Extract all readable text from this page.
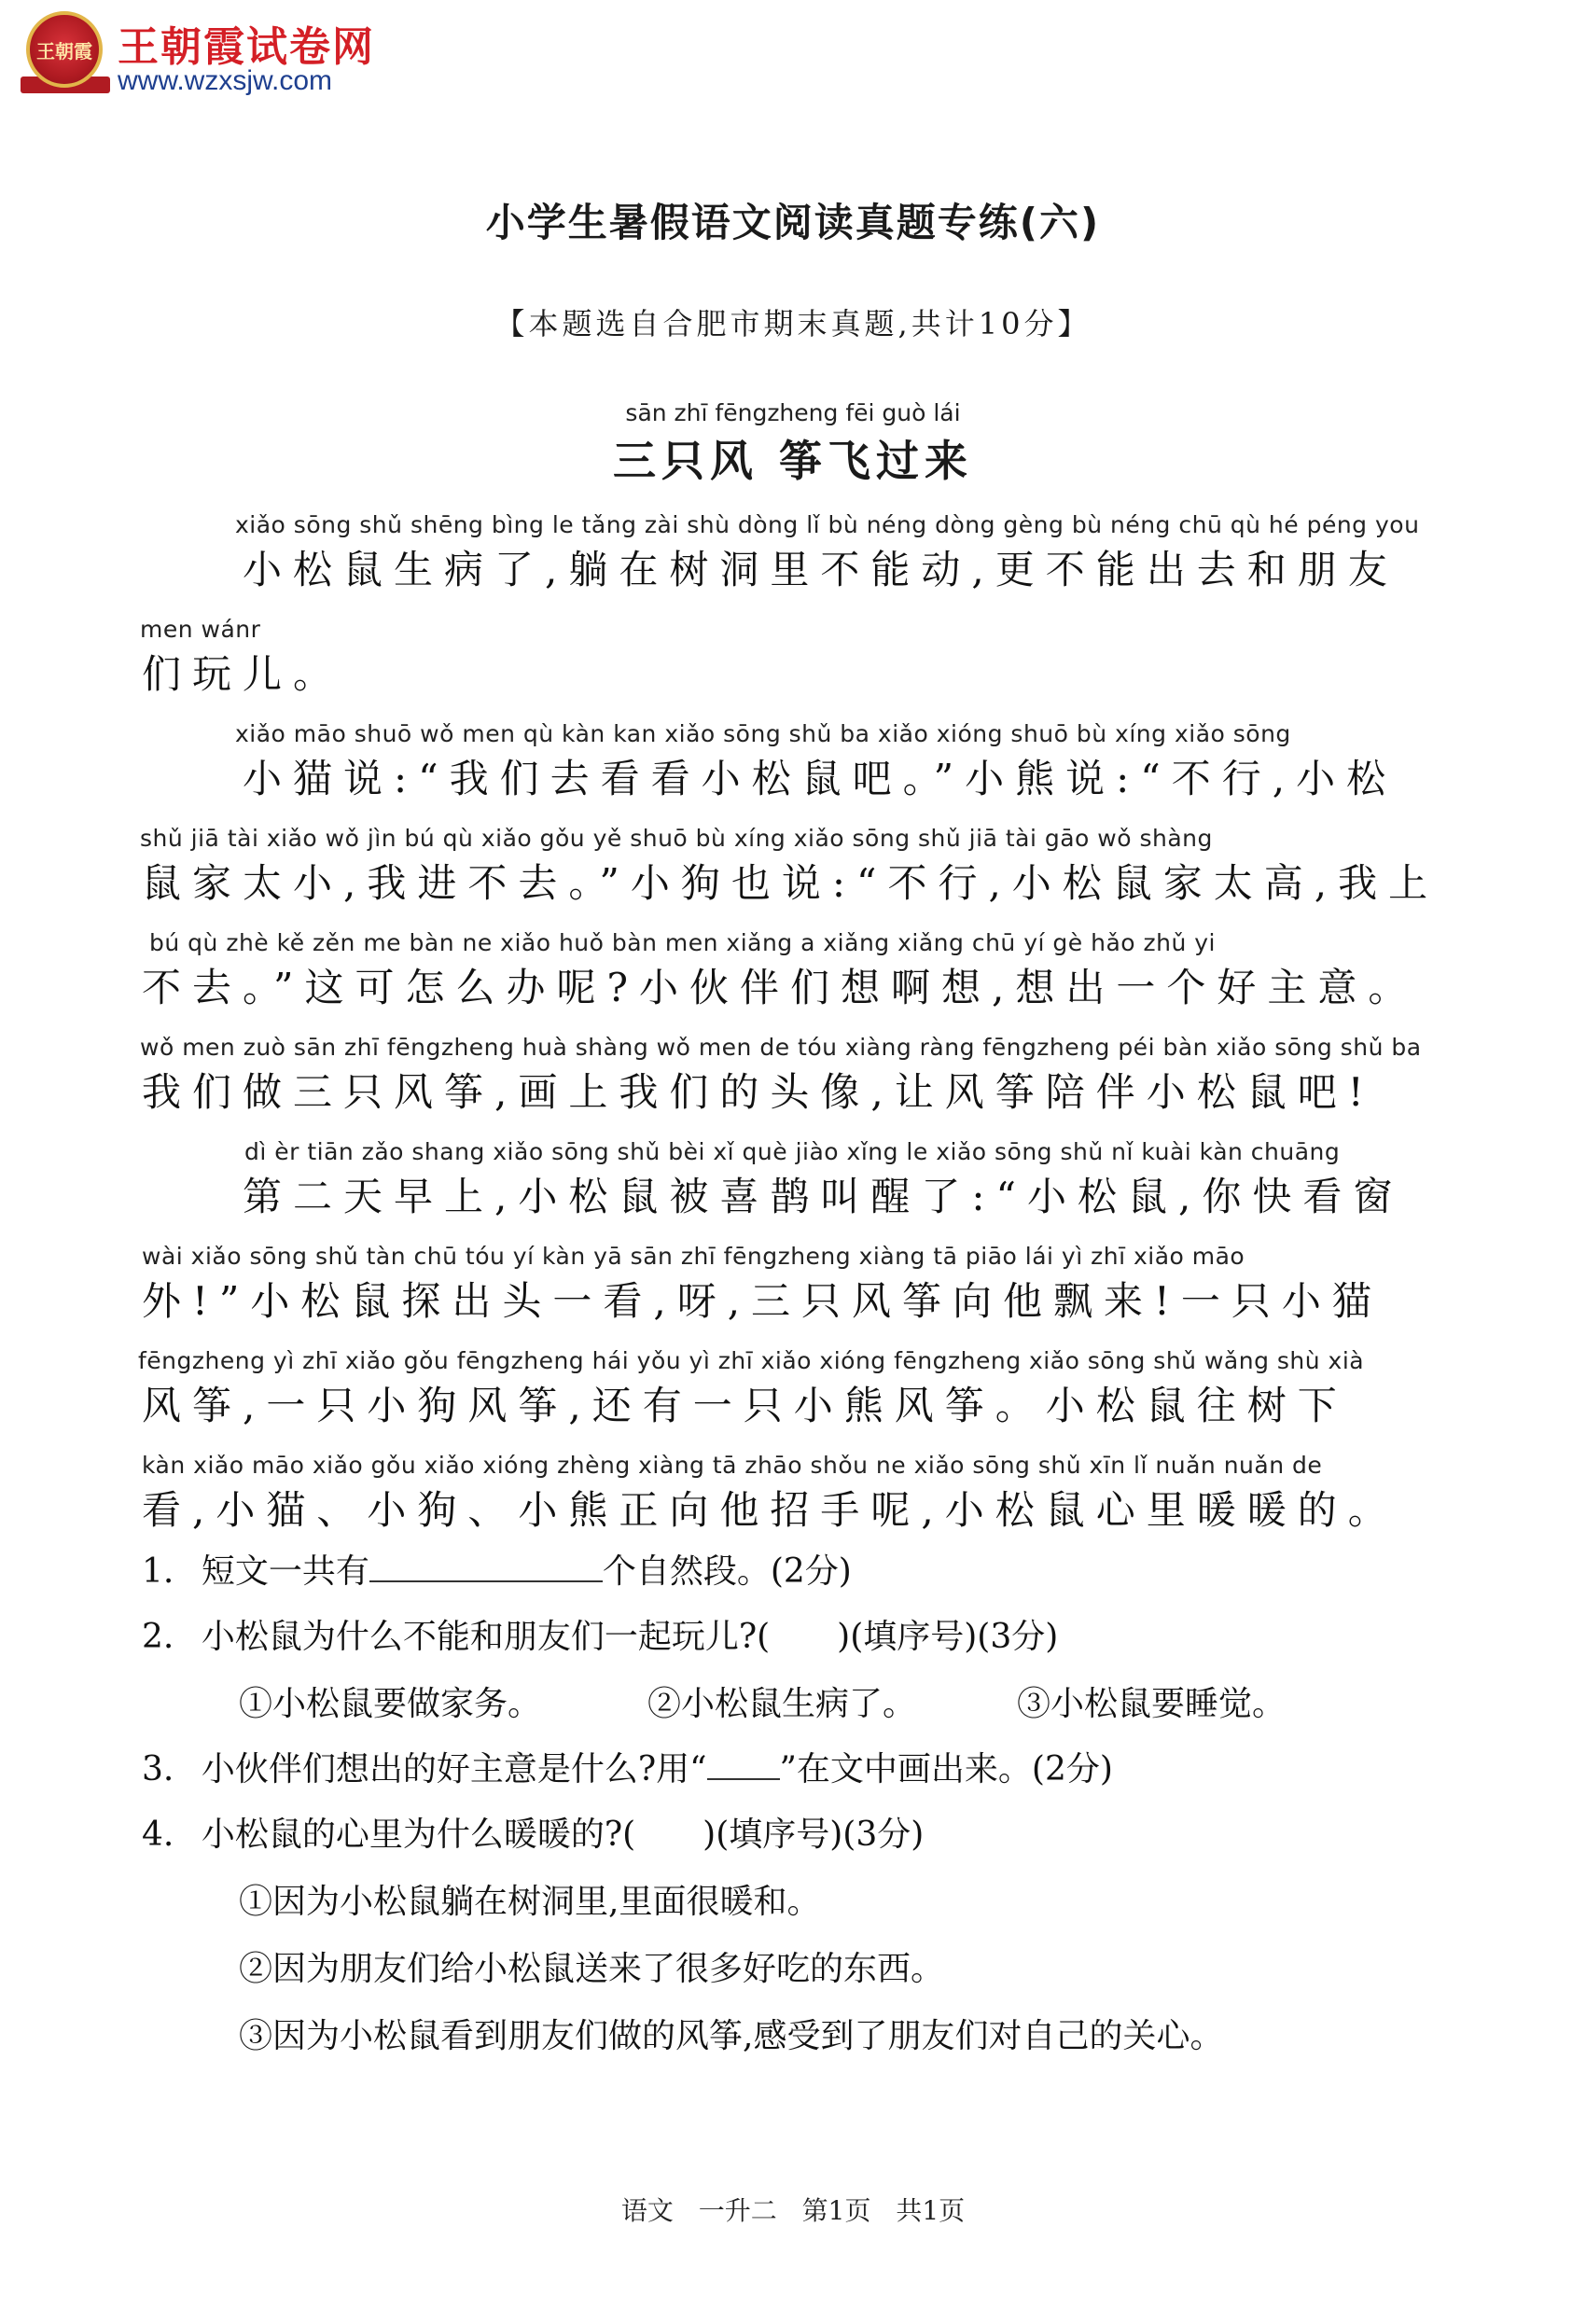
王朝霞 王朝霞试卷网
www.wzxsjw.com
小学生暑假语文阅读真题专练(六)
【本题选自合肥市期末真题,共计10分】
sān zhī fēngzheng fēi guò lái
三只风 筝飞过来
xiǎo sōng shǔ shēng bìng le tǎng zài shù dòng lǐ bù néng dòng gèng bù néng chū qù hé péng you
小松鼠生病了,躺在树洞里不能动,更不能出去和朋友
men wánr
们玩儿。
xiǎo māo shuō wǒ men qù kàn kan xiǎo sōng shǔ ba xiǎo xióng shuō bù xíng xiǎo sōng
小猫说:“我们去看看小松鼠吧。”小熊说:“不行,小松
shǔ jiā tài xiǎo wǒ jìn bú qù xiǎo gǒu yě shuō bù xíng xiǎo sōng shǔ jiā tài gāo wǒ shàng
鼠家太小,我进不去。”小狗也说:“不行,小松鼠家太高,我上
bú qù zhè kě zěn me bàn ne xiǎo huǒ bàn men xiǎng a xiǎng xiǎng chū yí gè hǎo zhǔ yi
不去。”这可怎么办呢?小伙伴们想啊想,想出一个好主意。
wǒ men zuò sān zhī fēngzheng huà shàng wǒ men de tóu xiàng ràng fēngzheng péi bàn xiǎo sōng shǔ ba
我们做三只风筝,画上我们的头像,让风筝陪伴小松鼠吧!
dì èr tiān zǎo shang xiǎo sōng shǔ bèi xǐ què jiào xǐng le xiǎo sōng shǔ nǐ kuài kàn chuāng
第二天早上,小松鼠被喜鹊叫醒了:“小松鼠,你快看窗
wài xiǎo sōng shǔ tàn chū tóu yí kàn yā sān zhī fēngzheng xiàng tā piāo lái yì zhī xiǎo māo
外!”小松鼠探出头一看,呀,三只风筝向他飘来!一只小猫
fēngzheng yì zhī xiǎo gǒu fēngzheng hái yǒu yì zhī xiǎo xióng fēngzheng xiǎo sōng shǔ wǎng shù xià
风筝,一只小狗风筝,还有一只小熊风筝。小松鼠往树下
kàn xiǎo māo xiǎo gǒu xiǎo xióng zhèng xiàng tā zhāo shǒu ne xiǎo sōng shǔ xīn lǐ nuǎn nuǎn de
看,小猫、小狗、小熊正向他招手呢,小松鼠心里暖暖的。
1. 短文一共有	个自然段。(2分)
2. 小松鼠为什么不能和朋友们一起玩儿?( )(填序号)(3分)
①小松鼠要做家务。	②小松鼠生病了。	③小松鼠要睡觉。
3. 小伙伴们想出的好主意是什么?用“ ”在文中画出来。(2分)
4. 小松鼠的心里为什么暖暖的?( )(填序号)(3分)
①因为小松鼠躺在树洞里,里面很暖和。
②因为朋友们给小松鼠送来了很多好吃的东西。
③因为小松鼠看到朋友们做的风筝,感受到了朋友们对自己的关心。
语文 一升二 第1页 共1页
